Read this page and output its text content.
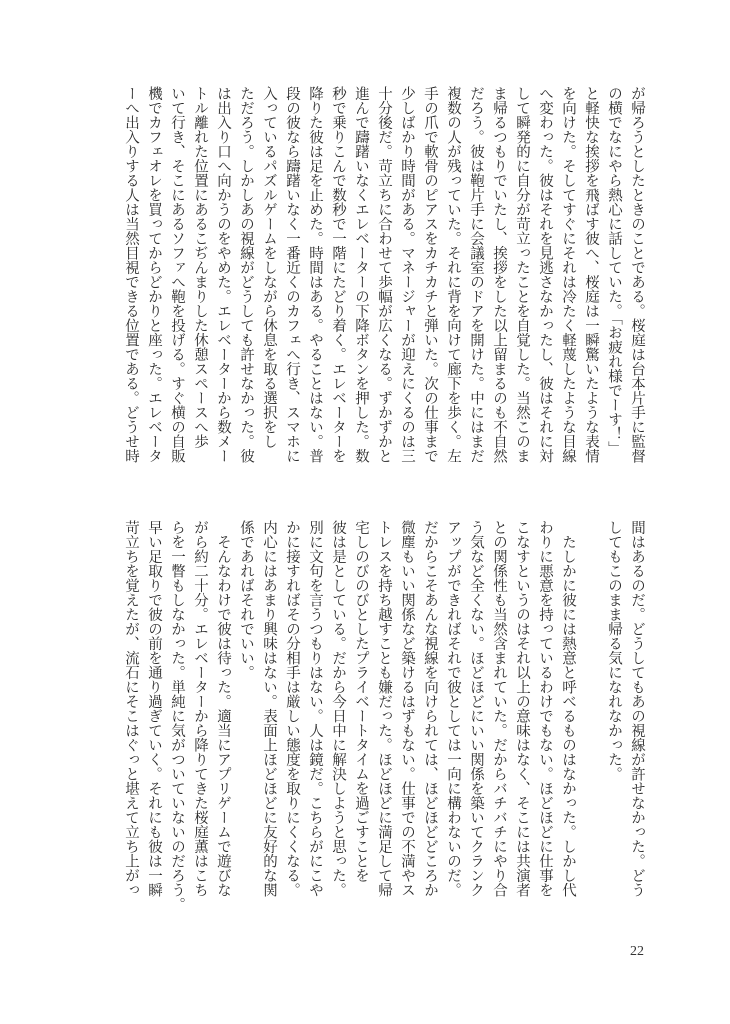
が帰ろうとしたときのことである。桜庭は台本片手に監督
の横でなにやら熱心に話していた。「お疲れ様でーす！」
と軽快な挨拶を飛ばす彼へ、桜庭は一瞬驚いたような表情
を向けた。そしてすぐにそれは冷たく軽蔑したような目線
へ変わった。彼はそれを見逃さなかったし、彼はそれに対
して瞬発的に自分が苛立ったことを自覚した。当然このま
ま帰るつもりでいたし、挨拶をした以上留まるのも不自然
だろう。彼は鞄片手に会議室のドアを開けた。中にはまだ
複数の人が残っていた。それに背を向けて廊下を歩く。左
手の爪で軟骨のピアスをカチカチと弾いた。次の仕事まで
少しばかり時間がある。マネージャーが迎えにくるのは三
十分後だ。苛立ちに合わせて歩幅が広くなる。ずかずかと
進んで躊躇いなくエレベーターの下降ボタンを押した。数
秒で乗りこんで数秒で一階にたどり着く。エレベーターを
降りた彼は足を止めた。時間はある。やることはない。普
段の彼なら躊躇いなく一番近くのカフェへ行き、スマホに
入っているパズルゲームをしながら休息を取る選択をし
ただろう。しかしあの視線がどうしても許せなかった。彼
は出入り口へ向かうのをやめた。エレベーターから数メー
トル離れた位置にあるこぢんまりした休憩スペースへ歩
いて行き、そこにあるソファへ鞄を投げる。すぐ横の自販
機でカフェオレを買ってからどかりと座った。エレベータ
ーへ出入りする人は当然目視できる位置である。どうせ時
間はあるのだ。どうしてもあの視線が許せなかった。どう
してもこのまま帰る気になれなかった。
　たしかに彼には熱意と呼べるものはなかった。しかし代
わりに悪意を持っているわけでもない。ほどほどに仕事を
こなすというのはそれ以上の意味はなく、そこには共演者
との関係性も当然含まれていた。だからバチバチにやり合
う気など全くない。ほどほどにいい関係を築いてクランク
アップができればそれで彼としては一向に構わないのだ。
だからこそあんな視線を向けられては、ほどほどどころか
微塵もいい関係など築けるはずもない。仕事での不満やス
トレスを持ち越すことも嫌だった。ほどほどに満足して帰
宅しのびのびとしたプライベートタイムを過ごすことを
彼は是としている。だから今日中に解決しようと思った。
別に文句を言うつもりはない。人は鏡だ。こちらがにこや
かに接すればその分相手は厳しい態度を取りにくくなる。
内心にはあまり興味はない。表面上ほどほどに友好的な関
係であればそれでいい。
　そんなわけで彼は待った。適当にアプリゲームで遊びな
がら約二十分。エレベーターから降りてきた桜庭薫はこち
らを一瞥もしなかった。単純に気がついていないのだろう。
早い足取りで彼の前を通り過ぎていく。それにも彼は一瞬
苛立ちを覚えたが、流石にそこはぐっと堪えて立ち上がっ
22
